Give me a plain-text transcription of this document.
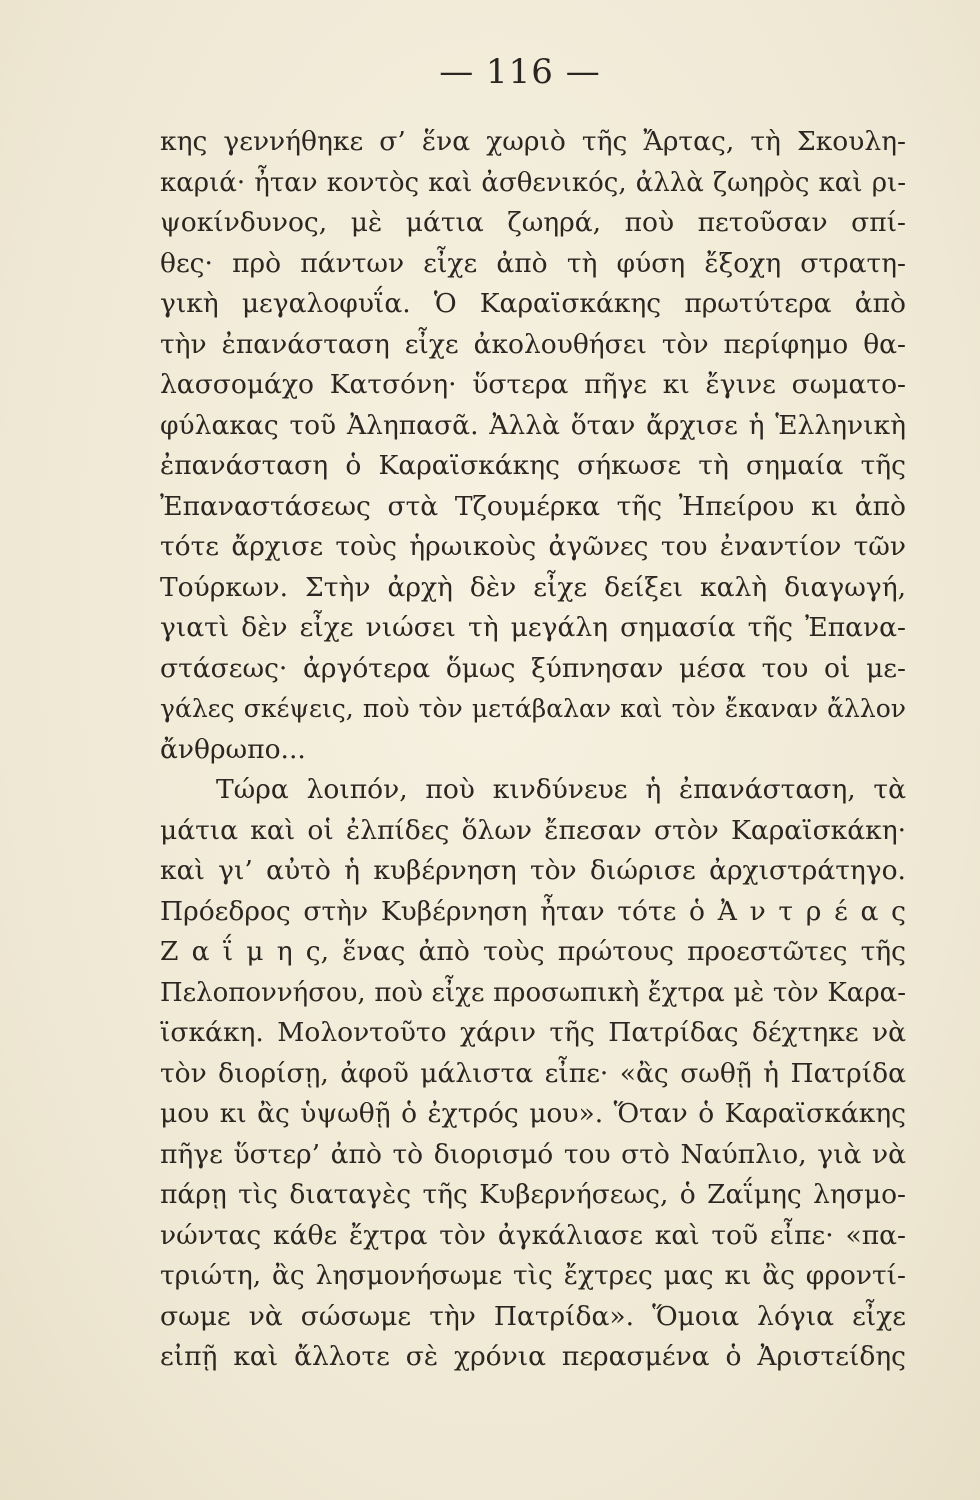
— 116 —
κης γεννήθηκε σ’ ἕνα χωριὸ τῆς Ἄρτας, τὴ Σκουλη-
καριά· ἦταν κοντὸς καὶ ἀσθενικός, ἀλλὰ ζωηρὸς καὶ ρι-
ψοκίνδυνος, μὲ μάτια ζωηρά, ποὺ πετοῦσαν σπί-
θες· πρὸ πάντων εἶχε ἀπὸ τὴ φύση ἔξοχη στρατη-
γικὴ μεγαλοφυΐα. Ὁ Καραϊσκάκης πρωτύτερα ἀπὸ
τὴν ἐπανάσταση εἶχε ἀκολουθήσει τὸν περίφημο θα-
λασσομάχο Κατσόνη· ὕστερα πῆγε κι ἔγινε σωματο-
φύλακας τοῦ Ἀληπασᾶ. Ἀλλὰ ὅταν ἄρχισε ἡ Ἑλληνικὴ
ἐπανάσταση ὁ Καραϊσκάκης σήκωσε τὴ σημαία τῆς
Ἐπαναστάσεως στὰ Τζουμέρκα τῆς Ἠπείρου κι ἀπὸ
τότε ἄρχισε τοὺς ἡρωικοὺς ἀγῶνες του ἐναντίον τῶν
Τούρκων. Στὴν ἀρχὴ δὲν εἶχε δείξει καλὴ διαγωγή,
γιατὶ δὲν εἶχε νιώσει τὴ μεγάλη σημασία τῆς Ἐπανα-
στάσεως· ἀργότερα ὅμως ξύπνησαν μέσα του οἱ με-
γάλες σκέψεις, ποὺ τὸν μετάβαλαν καὶ τὸν ἔκαναν ἄλλον
ἄνθρωπο...
Τώρα λοιπόν, ποὺ κινδύνευε ἡ ἐπανάσταση, τὰ
μάτια καὶ οἱ ἐλπίδες ὅλων ἔπεσαν στὸν Καραϊσκάκη·
καὶ γι’ αὐτὸ ἡ κυβέρνηση τὸν διώρισε ἀρχιστράτηγο.
Πρόεδρος στὴν Κυβέρνηση ἦταν τότε ὁ Ἀ ν τ ρ έ α ς
Ζ α ΐ μ η ς, ἕνας ἀπὸ τοὺς πρώτους προεστῶτες τῆς
Πελοποννήσου, ποὺ εἶχε προσωπικὴ ἔχτρα μὲ τὸν Καρα-
ϊσκάκη. Μολοντοῦτο χάριν τῆς Πατρίδας δέχτηκε νὰ
τὸν διορίσῃ, ἀφοῦ μάλιστα εἶπε· «ἂς σωθῇ ἡ Πατρίδα
μου κι ἂς ὑψωθῇ ὁ ἐχτρός μου». Ὅταν ὁ Καραϊσκάκης
πῆγε ὕστερ’ ἀπὸ τὸ διορισμό του στὸ Ναύπλιο, γιὰ νὰ
πάρῃ τὶς διαταγὲς τῆς Κυβερνήσεως, ὁ Ζαΐμης λησμο-
νώντας κάθε ἔχτρα τὸν ἀγκάλιασε καὶ τοῦ εἶπε· «πα-
τριώτη, ἂς λησμονήσωμε τὶς ἔχτρες μας κι ἂς φροντί-
σωμε νὰ σώσωμε τὴν Πατρίδα». Ὅμοια λόγια εἶχε
εἰπῇ καὶ ἄλλοτε σὲ χρόνια περασμένα ὁ Ἀριστείδης
